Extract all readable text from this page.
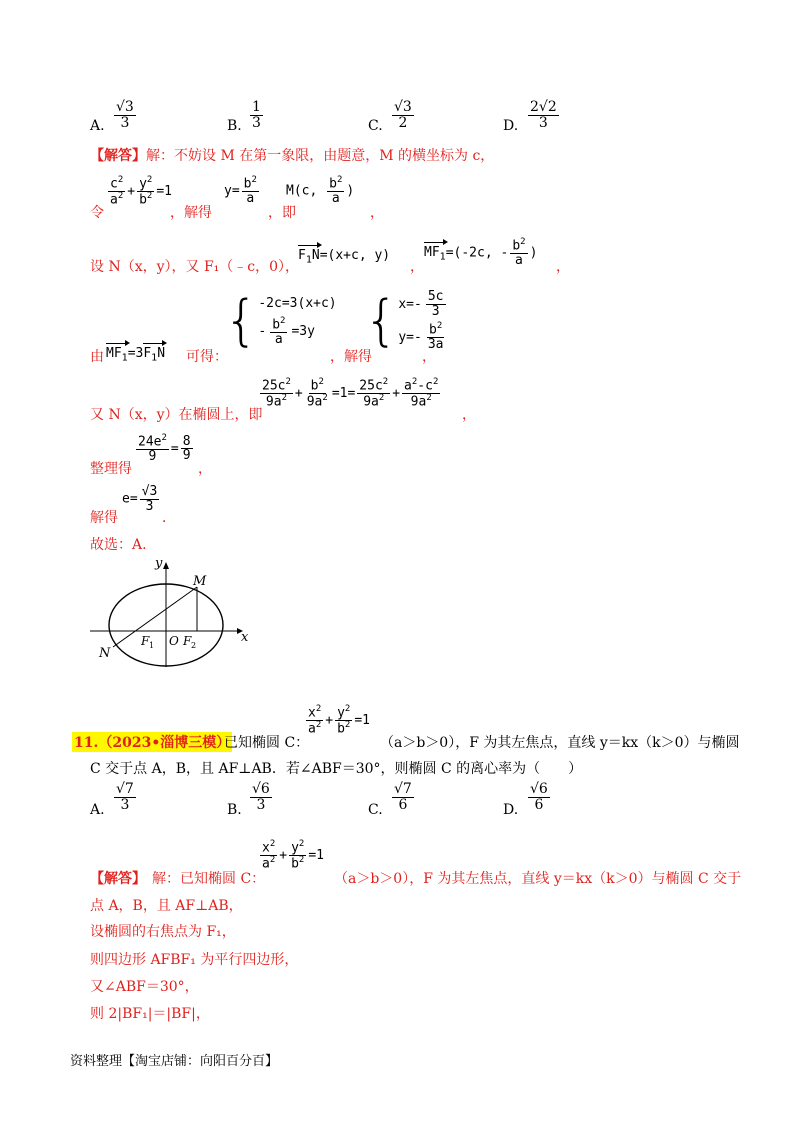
A. $\frac{√3}{3}$	B. $\frac{1}{3}$	C. $\frac{√3}{2}$	D. $\frac{2√2}{3}$
【解答】解：不妨设 M 在第一象限，由题意，M 的横坐标为 c，
令
$\frac{c^2}{a^2} + \frac{y^2}{b^2} =1$
，解得
$y= \frac{b^2}{a}$
，即
M(c, $\frac{b^2}{a}$ )
，
设 N（x，y），又 F₁（﹣c，0），
$F_1N=(x+c$, y)
，
$MF_1=(-2c$, - $\frac{b^2}{a}$ )
，
由 $MF_1=3F_1N$ 可得：
{ -2c=3(x+c)
- $\frac{b^2}{a} =3y$
，解得
{ $x=- \frac{5c}{3}$
$y=- \frac{b^2}{3a}$
，
又 N（x，y）在椭圆上，即
$\frac{25c^2}{9a^2} + \frac{b^2}{9a^2} =1= \frac{25c^2}{9a^2} + \frac{a^2-c^2}{9a^2}$
，
整理得
$\frac{24e^2}{9} = \frac{8}{9}$
，
解得
$e= \frac{√3}{3}$
．
故选：A.
y
x
M
N
F 1 O F 2
11.（2023•淄博三模）
已知椭圆 C：
$\frac{x^2}{a^2} + \frac{y^2}{b^2} =1$
（a＞b＞0），F 为其左焦点，直线 y＝kx（k＞0）与椭圆
C 交于点 A，B，且 AF⊥AB．若∠ABF＝30°，则椭圆 C 的离心率为（　　）
A. $\frac{√7}{3}$	B. $\frac{√6}{3}$	C. $\frac{√7}{6}$	D. $\frac{√6}{6}$
【解答】 解：已知椭圆 C：
$\frac{x^2}{a^2} + \frac{y^2}{b^2} =1$
（a＞b＞0），F 为其左焦点，直线 y＝kx（k＞0）与椭圆 C 交于
点 A，B，且 AF⊥AB，
设椭圆的右焦点为 F₁，
则四边形 AFBF₁ 为平行四边形，
又∠ABF＝30°，
则 2|BF₁|＝|BF|，
资料整理【淘宝店铺：向阳百分百】
